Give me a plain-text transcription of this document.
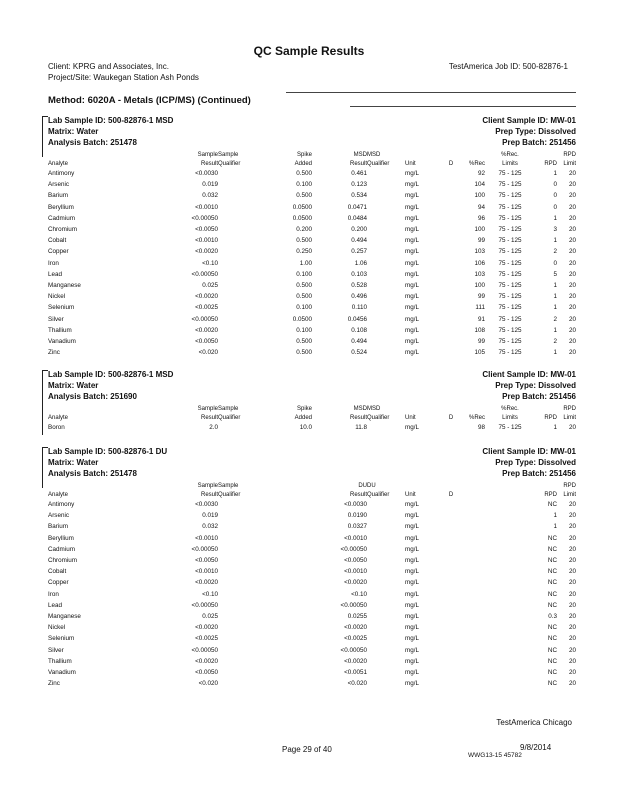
QC Sample Results
Client: KPRG and Associates, Inc.
Project/Site: Waukegan Station Ash Ponds
TestAmerica Job ID: 500-82876-1
Method: 6020A - Metals (ICP/MS) (Continued)
Lab Sample ID: 500-82876-1 MSD
Matrix: Water
Analysis Batch: 251478
Client Sample ID: MW-01
Prep Type: Dissolved
Prep Batch: 251456
	Sample	Sample	Spike	MSD	MSD				%Rec.		RPD
Analyte	Result	Qualifier	Added	Result	Qualifier	Unit	D	%Rec	Limits	RPD	Limit
Antimony	<0.0030		0.500	0.461		mg/L		92	75 - 125	1	20
Arsenic	0.019		0.100	0.123		mg/L		104	75 - 125	0	20
Barium	0.032		0.500	0.534		mg/L		100	75 - 125	0	20
Beryllium	<0.0010		0.0500	0.0471		mg/L		94	75 - 125	0	20
Cadmium	<0.00050		0.0500	0.0484		mg/L		96	75 - 125	1	20
Chromium	<0.0050		0.200	0.200		mg/L		100	75 - 125	3	20
Cobalt	<0.0010		0.500	0.494		mg/L		99	75 - 125	1	20
Copper	<0.0020		0.250	0.257		mg/L		103	75 - 125	2	20
Iron	<0.10		1.00	1.06		mg/L		106	75 - 125	0	20
Lead	<0.00050		0.100	0.103		mg/L		103	75 - 125	5	20
Manganese	0.025		0.500	0.528		mg/L		100	75 - 125	1	20
Nickel	<0.0020		0.500	0.496		mg/L		99	75 - 125	1	20
Selenium	<0.0025		0.100	0.110		mg/L		111	75 - 125	1	20
Silver	<0.00050		0.0500	0.0456		mg/L		91	75 - 125	2	20
Thallium	<0.0020		0.100	0.108		mg/L		108	75 - 125	1	20
Vanadium	<0.0050		0.500	0.494		mg/L		99	75 - 125	2	20
Zinc	<0.020		0.500	0.524		mg/L		105	75 - 125	1	20
Lab Sample ID: 500-82876-1 MSD
Matrix: Water
Analysis Batch: 251690
Client Sample ID: MW-01
Prep Type: Dissolved
Prep Batch: 251456
	Sample	Sample	Spike	MSD	MSD				%Rec.		RPD
Analyte	Result	Qualifier	Added	Result	Qualifier	Unit	D	%Rec	Limits	RPD	Limit
Boron	2.0		10.0	11.8		mg/L		98	75 - 125	1	20
Lab Sample ID: 500-82876-1 DU
Matrix: Water
Analysis Batch: 251478
Client Sample ID: MW-01
Prep Type: Dissolved
Prep Batch: 251456
	Sample	Sample		DU	DU						RPD
Analyte	Result	Qualifier		Result	Qualifier	Unit	D			RPD	Limit
Antimony	<0.0030			<0.0030		mg/L				NC	20
Arsenic	0.019			0.0190		mg/L				1	20
Barium	0.032			0.0327		mg/L				1	20
Beryllium	<0.0010			<0.0010		mg/L				NC	20
Cadmium	<0.00050			<0.00050		mg/L				NC	20
Chromium	<0.0050			<0.0050		mg/L				NC	20
Cobalt	<0.0010			<0.0010		mg/L				NC	20
Copper	<0.0020			<0.0020		mg/L				NC	20
Iron	<0.10			<0.10		mg/L				NC	20
Lead	<0.00050			<0.00050		mg/L				NC	20
Manganese	0.025			0.0255		mg/L				0.3	20
Nickel	<0.0020			<0.0020		mg/L				NC	20
Selenium	<0.0025			<0.0025		mg/L				NC	20
Silver	<0.00050			<0.00050		mg/L				NC	20
Thallium	<0.0020			<0.0020		mg/L				NC	20
Vanadium	<0.0050			<0.0051		mg/L				NC	20
Zinc	<0.020			<0.020		mg/L				NC	20
TestAmerica Chicago
Page 29 of 40	9/8/2014
WWG13-15 45782
